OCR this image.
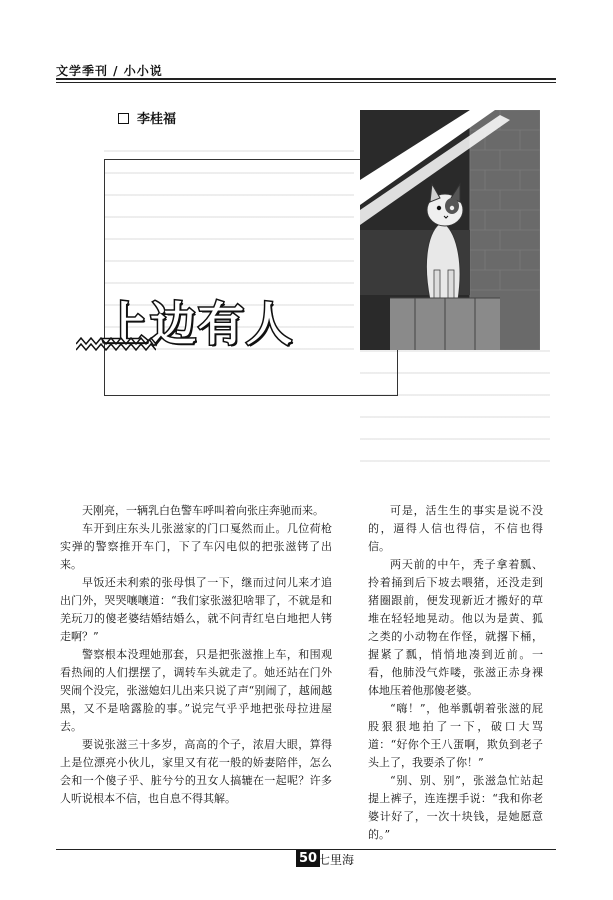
文学季刊 / 小小说
李桂福
上边有人

天刚亮，一辆乳白色警车呼叫着向张庄奔驰而来。

车开到庄东头儿张滋家的门口戛然而止。几位荷枪实弹的警察推开车门，下了车闪电似的把张滋铐了出来。

早饭还未利索的张母惧了一下，继而过问儿来才追出门外，哭哭嚷嚷道：“我们家张滋犯啥罪了，不就是和羌玩刀的傻老婆结婚结婚么，就不问青红皂白地把人铐走啊？”

警察根本没理她那套，只是把张滋推上车，和围观看热闹的人们摆摆了，调转车头就走了。她还站在门外哭闹个没完，张滋媳妇儿出来只说了声“别闹了，越闹越黑，又不是啥露脸的事。”说完气乎乎地把张母拉进屋去。

要说张滋三十多岁，高高的个子，浓眉大眼，算得上是位漂亮小伙儿，家里又有花一般的娇妻陪伴，怎么会和一个傻子乎、脏兮兮的丑女人搞辘在一起呢？许多人听说根本不信，也自息不得其解。

可是，活生生的事实是说不没的，逼得人信也得信，不信也得信。

两天前的中午，秃子拿着瓢、拎着捅到后下坡去喂猪，还没走到猪圈跟前，便发现新近才搬好的草堆在轻轻地晃动。他以为是黄、狐之类的小动物在作怪，就撂下桶，握紧了瓢，悄悄地凑到近前。一看，他肺没气炸喽，张滋正赤身裸体地压着他那傻老婆。

“嗨！”，他举瓢朝着张滋的屁股狠狠地拍了一下，破口大骂道：“好你个王八蛋啊，欺负到老子头上了，我要杀了你！”

“别、别、别”，张滋急忙站起提上裤子，连连摆手说：“我和你老婆计好了，一次十块钱，是她愿意的。”

50 七里海
